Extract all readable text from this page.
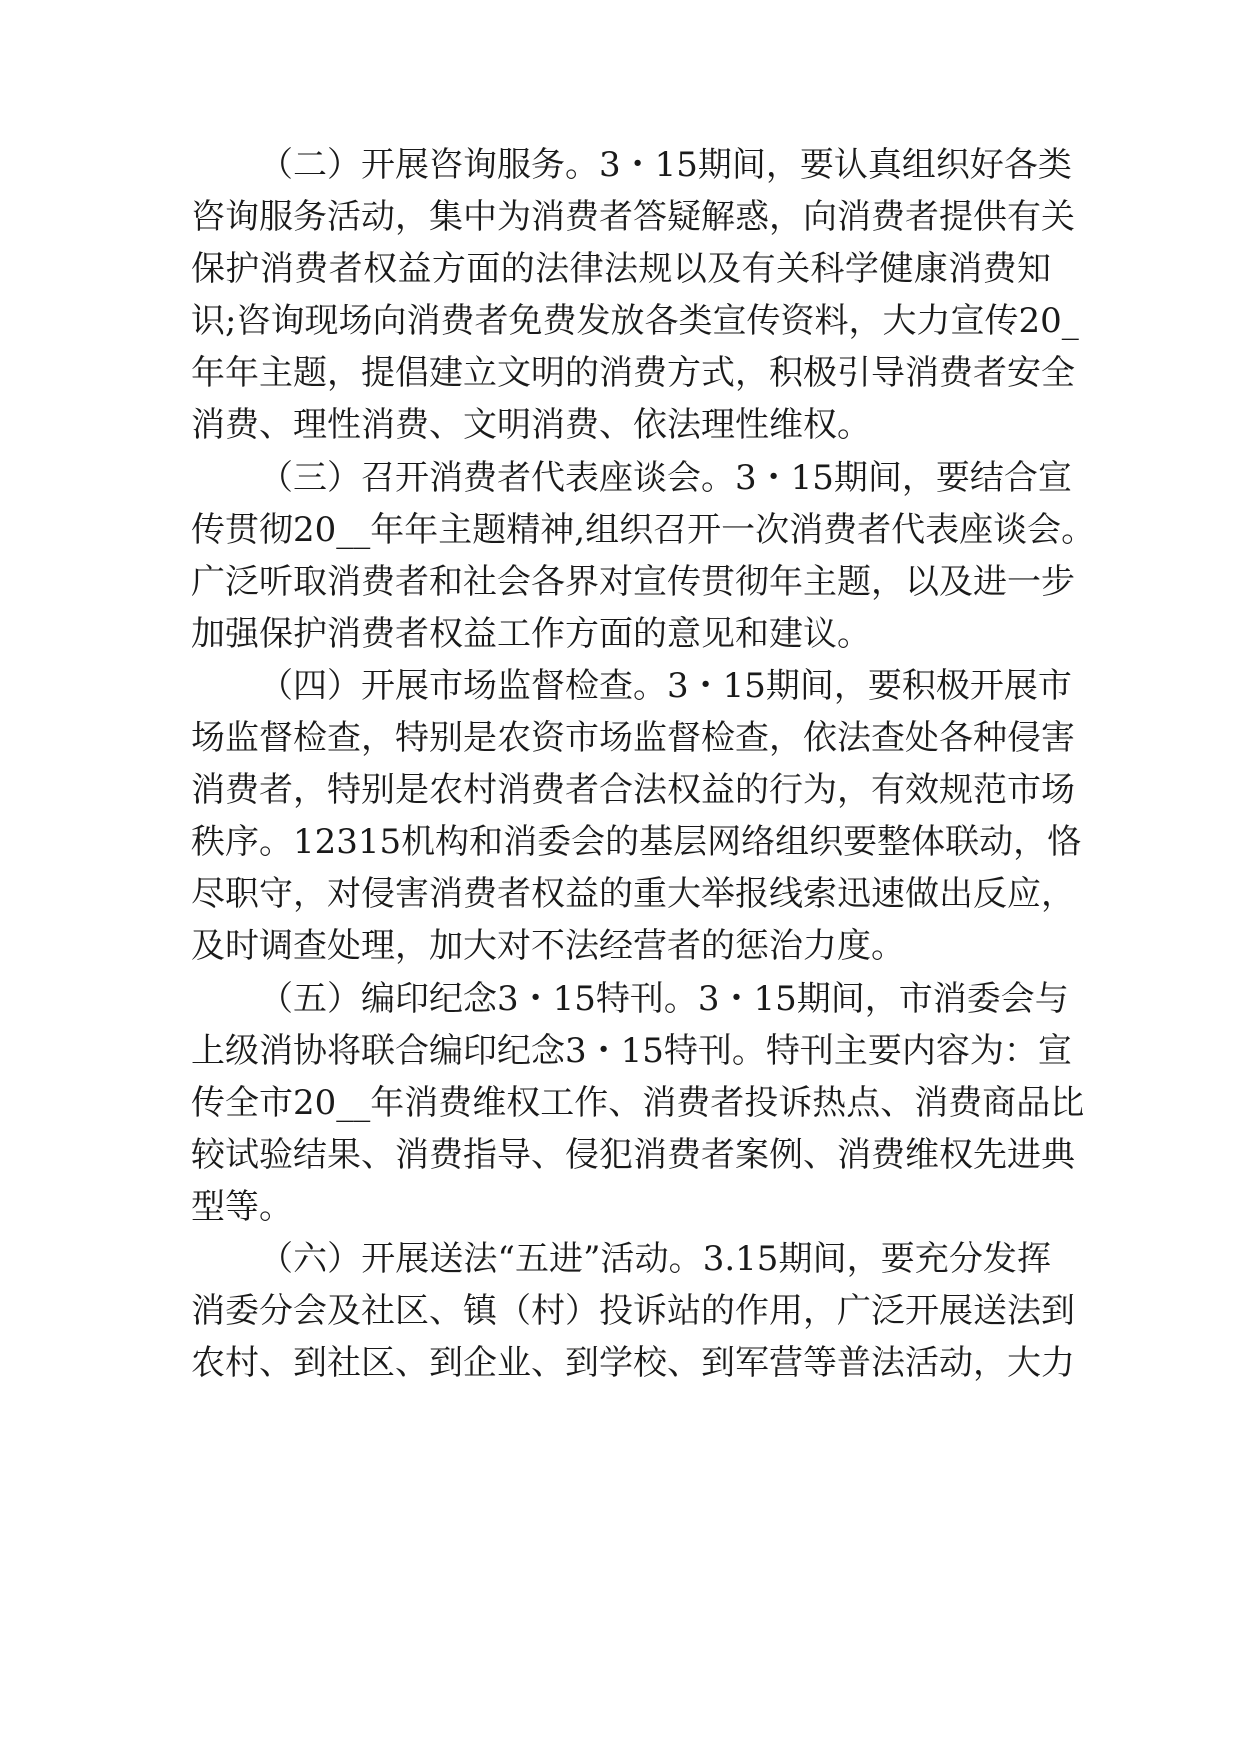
（二）开展咨询服务。3・15期间，要认真组织好各类
咨询服务活动，集中为消费者答疑解惑，向消费者提供有关
保护消费者权益方面的法律法规以及有关科学健康消费知
识;咨询现场向消费者免费发放各类宣传资料，大力宣传20_
年年主题，提倡建立文明的消费方式，积极引导消费者安全
消费、理性消费、文明消费、依法理性维权。
（三）召开消费者代表座谈会。3・15期间，要结合宣
传贯彻20__年年主题精神,组织召开一次消费者代表座谈会。
广泛听取消费者和社会各界对宣传贯彻年主题，以及进一步
加强保护消费者权益工作方面的意见和建议。
（四）开展市场监督检查。3・15期间，要积极开展市
场监督检查，特别是农资市场监督检查，依法查处各种侵害
消费者，特别是农村消费者合法权益的行为，有效规范市场
秩序。12315机构和消委会的基层网络组织要整体联动，恪
尽职守，对侵害消费者权益的重大举报线索迅速做出反应，
及时调查处理，加大对不法经营者的惩治力度。
（五）编印纪念3・15特刊。3・15期间，市消委会与
上级消协将联合编印纪念3・15特刊。特刊主要内容为：宣
传全市20__年消费维权工作、消费者投诉热点、消费商品比
较试验结果、消费指导、侵犯消费者案例、消费维权先进典
型等。
（六）开展送法“五进”活动。3.15期间，要充分发挥
消委分会及社区、镇（村）投诉站的作用，广泛开展送法到
农村、到社区、到企业、到学校、到军营等普法活动，大力
